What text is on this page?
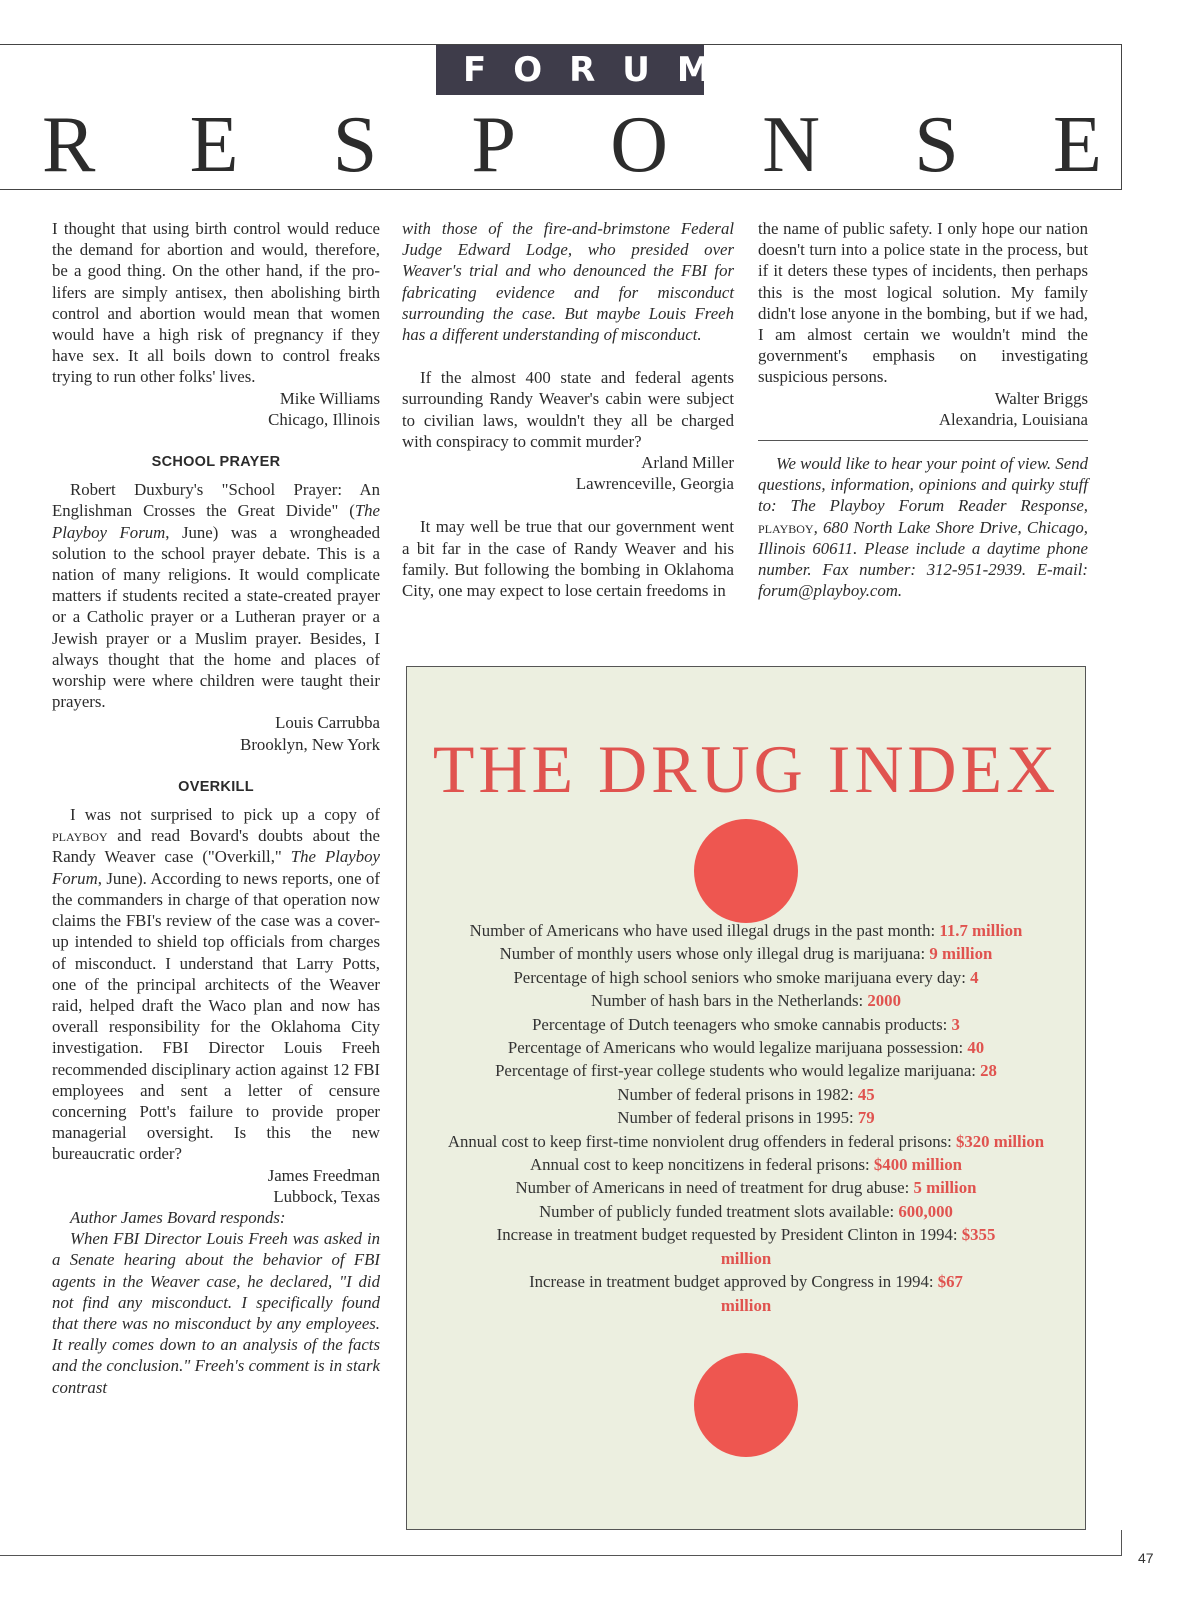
FORUM
R E S P O N S E

I thought that using birth control would reduce the demand for abortion and would, therefore, be a good thing. On the other hand, if the pro-lifers are simply antisex, then abolishing birth control and abortion would mean that women would have a high risk of pregnancy if they have sex. It all boils down to control freaks trying to run other folks' lives.

Mike Williams

Chicago, Illinois

SCHOOL PRAYER

Robert Duxbury's "School Prayer: An Englishman Crosses the Great Divide" (The Playboy Forum, June) was a wrongheaded solution to the school prayer debate. This is a nation of many religions. It would complicate matters if students recited a state-created prayer or a Catholic prayer or a Lutheran prayer or a Jewish prayer or a Muslim prayer. Besides, I always thought that the home and places of worship were where children were taught their prayers.

Louis Carrubba

Brooklyn, New York

OVERKILL

I was not surprised to pick up a copy of playboy and read Bovard's doubts about the Randy Weaver case ("Overkill," The Playboy Forum, June). According to news reports, one of the commanders in charge of that operation now claims the FBI's review of the case was a cover-up intended to shield top officials from charges of misconduct. I understand that Larry Potts, one of the principal architects of the Weaver raid, helped draft the Waco plan and now has overall responsibility for the Oklahoma City investigation. FBI Director Louis Freeh recommended disciplinary action against 12 FBI employees and sent a letter of censure concerning Pott's failure to provide proper managerial oversight. Is this the new bureaucratic order?

James Freedman

Lubbock, Texas

Author James Bovard responds:

When FBI Director Louis Freeh was asked in a Senate hearing about the behavior of FBI agents in the Weaver case, he declared, "I did not find any misconduct. I specifically found that there was no misconduct by any employees. It really comes down to an analysis of the facts and the conclusion." Freeh's comment is in stark contrast

with those of the fire-and-brimstone Federal Judge Edward Lodge, who presided over Weaver's trial and who denounced the FBI for fabricating evidence and for misconduct surrounding the case. But maybe Louis Freeh has a different understanding of misconduct.

If the almost 400 state and federal agents surrounding Randy Weaver's cabin were subject to civilian laws, wouldn't they all be charged with conspiracy to commit murder?

Arland Miller

Lawrenceville, Georgia

It may well be true that our government went a bit far in the case of Randy Weaver and his family. But following the bombing in Oklahoma City, one may expect to lose certain freedoms in

the name of public safety. I only hope our nation doesn't turn into a police state in the process, but if it deters these types of incidents, then perhaps this is the most logical solution. My family didn't lose anyone in the bombing, but if we had, I am almost certain we wouldn't mind the government's emphasis on investigating suspicious persons.

Walter Briggs

Alexandria, Louisiana

We would like to hear your point of view. Send questions, information, opinions and quirky stuff to: The Playboy Forum Reader Response, playboy, 680 North Lake Shore Drive, Chicago, Illinois 60611. Please include a daytime phone number. Fax number: 312-951-2939. E-mail: forum@playboy.com.

THE DRUG INDEX
Number of Americans who have used illegal drugs in the past month: 11.7 million
Number of monthly users whose only illegal drug is marijuana: 9 million
Percentage of high school seniors who smoke marijuana every day: 4
Number of hash bars in the Netherlands: 2000
Percentage of Dutch teenagers who smoke cannabis products: 3
Percentage of Americans who would legalize marijuana possession: 40
Percentage of first-year college students who would legalize marijuana: 28
Number of federal prisons in 1982: 45
Number of federal prisons in 1995: 79
Annual cost to keep first-time nonviolent drug offenders in federal prisons: $320 million
Annual cost to keep noncitizens in federal prisons: $400 million
Number of Americans in need of treatment for drug abuse: 5 million
Number of publicly funded treatment slots available: 600,000
Increase in treatment budget requested by President Clinton in 1994: $355 million
Increase in treatment budget approved by Congress in 1994: $67 million
47
